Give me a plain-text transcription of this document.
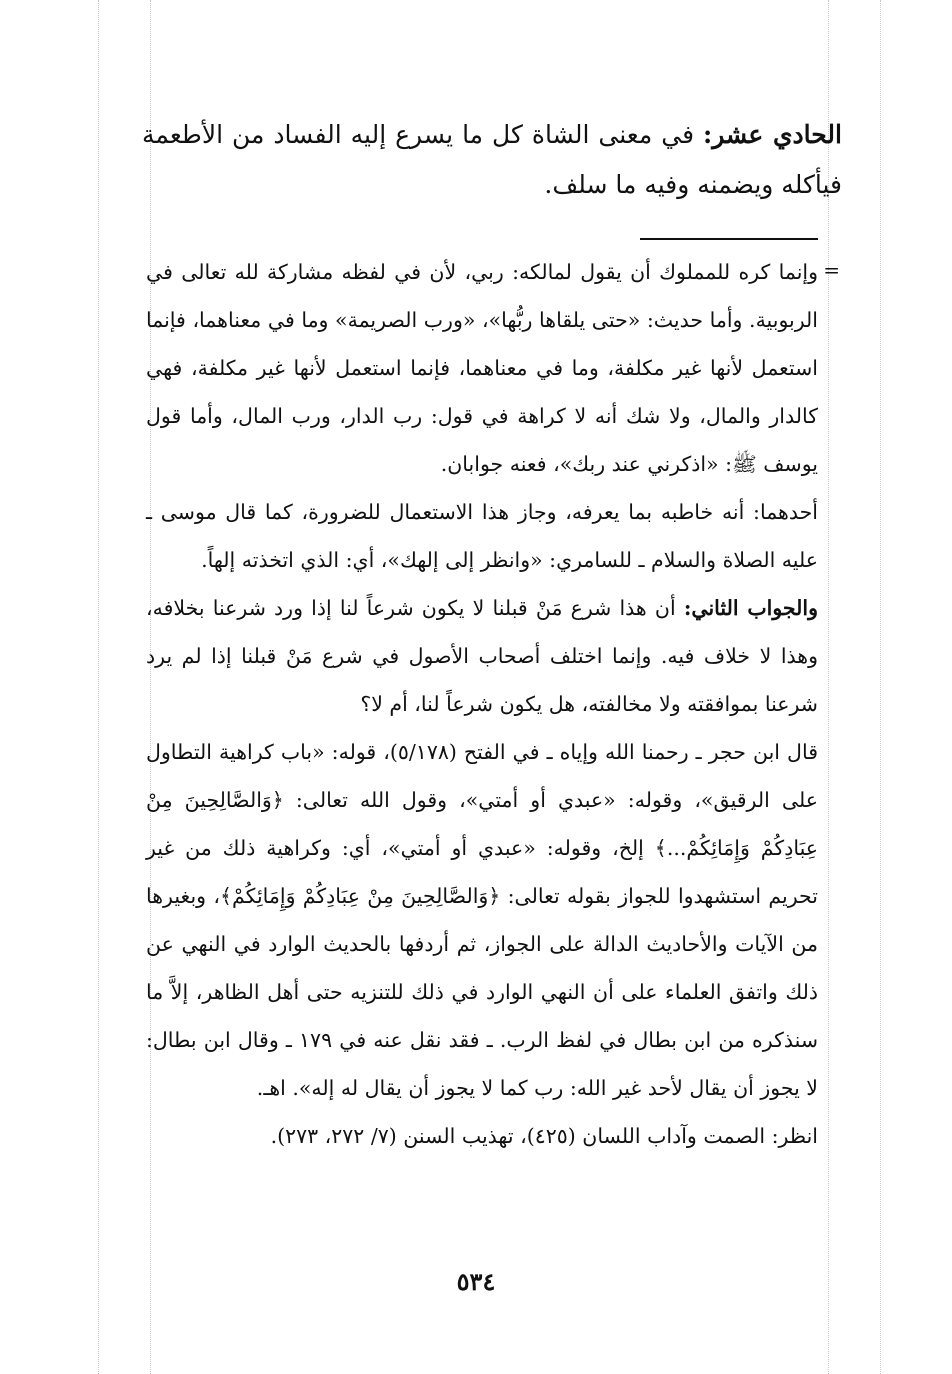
الحادي عشر: في معنى الشاة كل ما يسرع إليه الفساد من الأطعمة فيأكله ويضمنه وفيه ما سلف.

=

وإنما كره للمملوك أن يقول لمالكه: ربي، لأن في لفظه مشاركة لله تعالى في الربوبية. وأما حديث: «حتى يلقاها ربُّها»، «ورب الصريمة» وما في معناهما، فإنما استعمل لأنها غير مكلفة، وما في معناهما، فإنما استعمل لأنها غير مكلفة، فهي كالدار والمال، ولا شك أنه لا كراهة في قول: رب الدار، ورب المال، وأما قول يوسف ﷺ: «اذكرني عند ربك»، فعنه جوابان.

أحدهما: أنه خاطبه بما يعرفه، وجاز هذا الاستعمال للضرورة، كما قال موسى ـ عليه الصلاة والسلام ـ للسامري: «وانظر إلى إلهك»، أي: الذي اتخذته إلهاً.

والجواب الثاني: أن هذا شرع مَنْ قبلنا لا يكون شرعاً لنا إذا ورد شرعنا بخلافه، وهذا لا خلاف فيه. وإنما اختلف أصحاب الأصول في شرع مَنْ قبلنا إذا لم يرد شرعنا بموافقته ولا مخالفته، هل يكون شرعاً لنا، أم لا؟

قال ابن حجر ـ رحمنا الله وإياه ـ في الفتح (٥/١٧٨)، قوله: «باب كراهية التطاول على الرقيق»، وقوله: «عبدي أو أمتي»، وقول الله تعالى: ﴿وَالصَّالِحِينَ مِنْ عِبَادِكُمْ وَإِمَائِكُمْ...﴾ إلخ، وقوله: «عبدي أو أمتي»، أي: وكراهية ذلك من غير تحريم استشهدوا للجواز بقوله تعالى: ﴿وَالصَّالِحِينَ مِنْ عِبَادِكُمْ وَإِمَائِكُمْ﴾، وبغيرها من الآيات والأحاديث الدالة على الجواز، ثم أردفها بالحديث الوارد في النهي عن ذلك واتفق العلماء على أن النهي الوارد في ذلك للتنزيه حتى أهل الظاهر، إلاَّ ما سنذكره من ابن بطال في لفظ الرب. ـ فقد نقل عنه في ١٧٩ ـ وقال ابن بطال: لا يجوز أن يقال لأحد غير الله: رب كما لا يجوز أن يقال له إله». اهـ.

انظر: الصمت وآداب اللسان (٤٢٥)، تهذيب السنن (٧/ ٢٧٢، ٢٧٣).

٥٣٤
